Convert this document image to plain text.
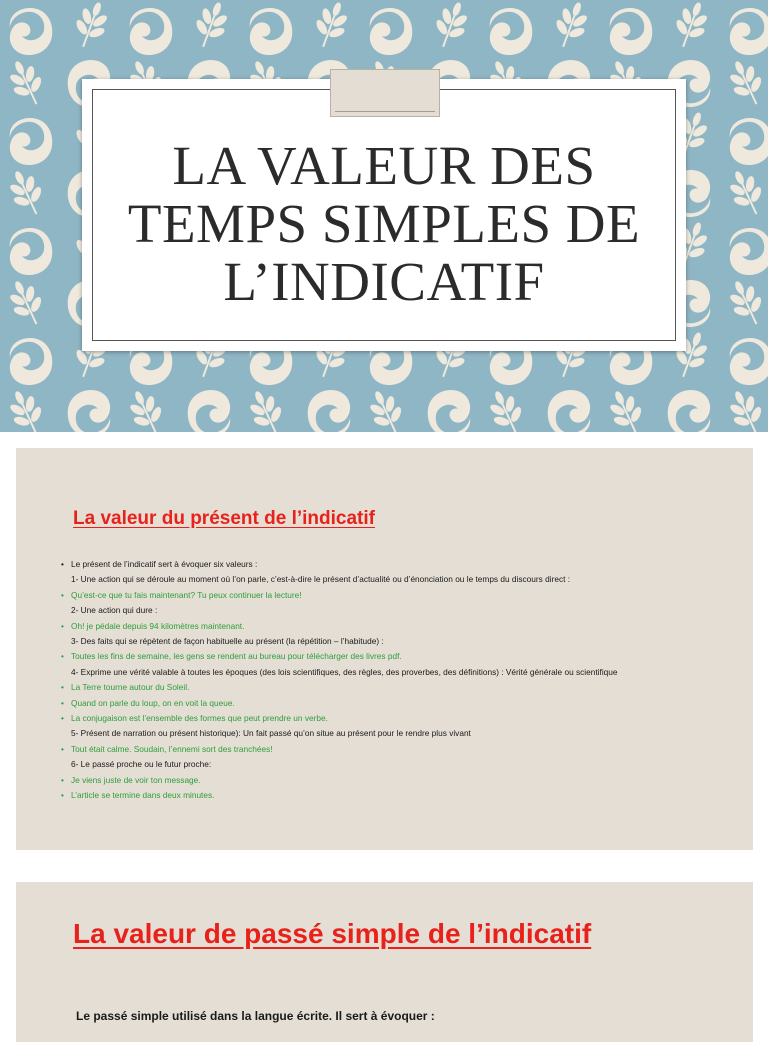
LA VALEUR DES
TEMPS SIMPLES DE
L’INDICATIF
La valeur du présent de l’indicatif
• Le présent de l’indicatif sert à évoquer six valeurs :
1- Une action qui se déroule au moment où l’on parle, c’est-à-dire le présent d’actualité ou d’énonciation ou le temps du discours direct :
• Qu’est-ce que tu fais maintenant? Tu peux continuer la lecture!
2- Une action qui dure :
• Oh! je pédale depuis 94 kilomètres maintenant.
3- Des faits qui se répètent de façon habituelle au présent (la répétition – l’habitude) :
• Toutes les fins de semaine, les gens se rendent au bureau pour télécharger des livres pdf.
4- Exprime une vérité valable à toutes les époques (des lois scientifiques, des règles, des proverbes, des définitions) : Vérité générale ou scientifique
• La Terre tourne autour du Soleil.
• Quand on parle du loup, on en voit la queue.
• La conjugaison est l’ensemble des formes que peut prendre un verbe.
5- Présent de narration ou présent historique): Un fait passé qu’on situe au présent pour le rendre plus vivant
• Tout était calme. Soudain, l’ennemi sort des tranchées!
6- Le passé proche ou le futur proche:
• Je viens juste de voir ton message.
• L’article se termine dans deux minutes.
La valeur de passé simple de l’indicatif
Le passé simple utilisé dans la langue écrite. Il sert à évoquer :
